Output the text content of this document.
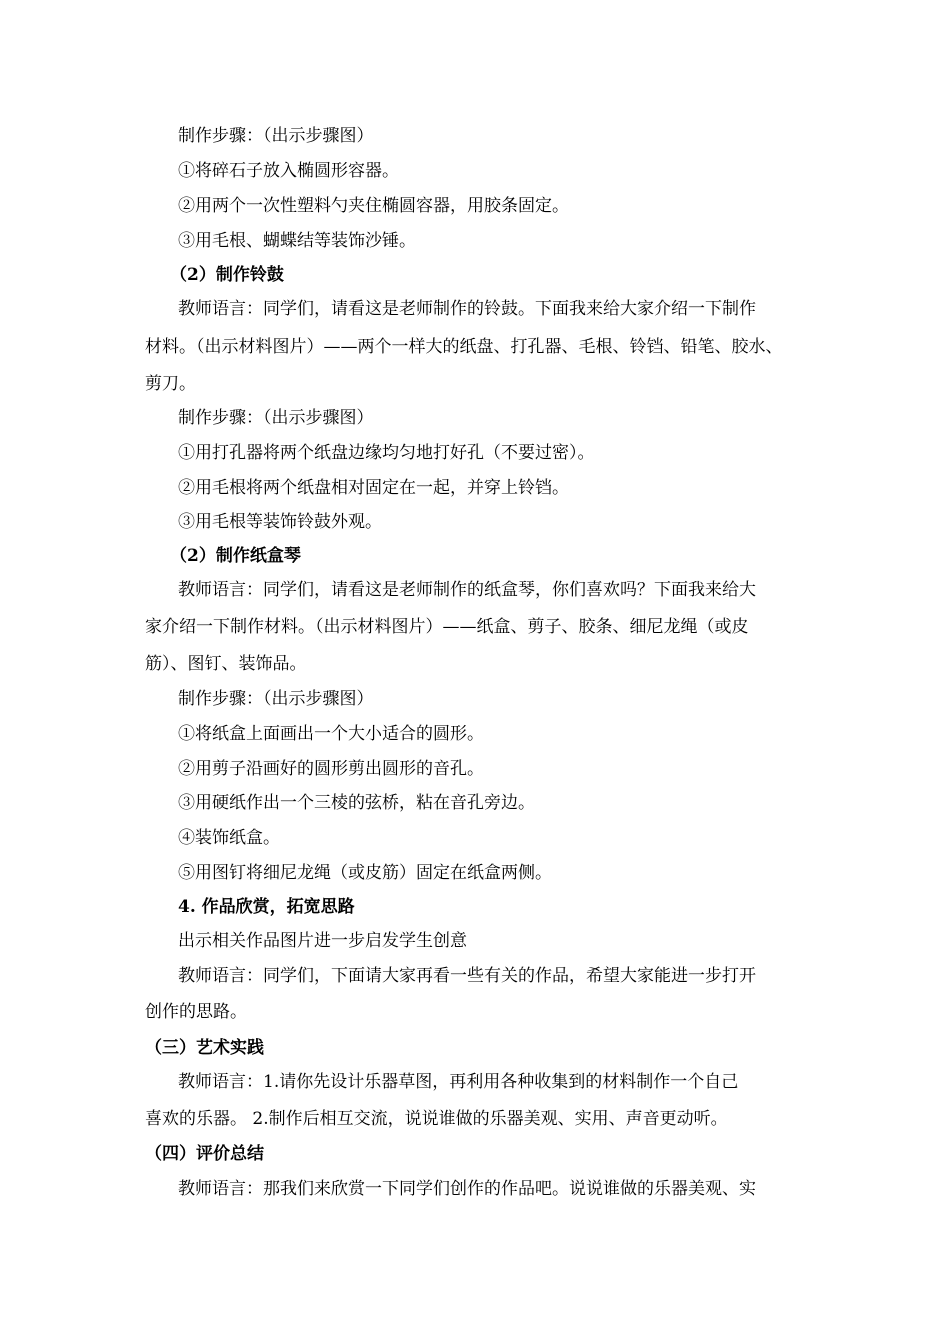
制作步骤：（出示步骤图）
①将碎石子放入椭圆形容器。
②用两个一次性塑料勺夹住椭圆容器，用胶条固定。
③用毛根、蝴蝶结等装饰沙锤。
（2）制作铃鼓
教师语言：同学们，请看这是老师制作的铃鼓。下面我来给大家介绍一下制作
材料。（出示材料图片）——两个一样大的纸盘、打孔器、毛根、铃铛、铅笔、胶水、
剪刀。
制作步骤：（出示步骤图）
①用打孔器将两个纸盘边缘均匀地打好孔（不要过密）。
②用毛根将两个纸盘相对固定在一起，并穿上铃铛。
③用毛根等装饰铃鼓外观。
（2）制作纸盒琴
教师语言：同学们，请看这是老师制作的纸盒琴，你们喜欢吗？下面我来给大
家介绍一下制作材料。（出示材料图片）——纸盒、剪子、胶条、细尼龙绳（或皮
筋）、图钉、装饰品。
制作步骤：（出示步骤图）
①将纸盒上面画出一个大小适合的圆形。
②用剪子沿画好的圆形剪出圆形的音孔。
③用硬纸作出一个三棱的弦桥，粘在音孔旁边。
④装饰纸盒。
⑤用图钉将细尼龙绳（或皮筋）固定在纸盒两侧。
4. 作品欣赏，拓宽思路
出示相关作品图片进一步启发学生创意
教师语言：同学们，下面请大家再看一些有关的作品，希望大家能进一步打开
创作的思路。
（三）艺术实践
教师语言：1.请你先设计乐器草图，再利用各种收集到的材料制作一个自己
喜欢的乐器。 2.制作后相互交流，说说谁做的乐器美观、实用、声音更动听。
（四）评价总结
教师语言：那我们来欣赏一下同学们创作的作品吧。说说谁做的乐器美观、实
